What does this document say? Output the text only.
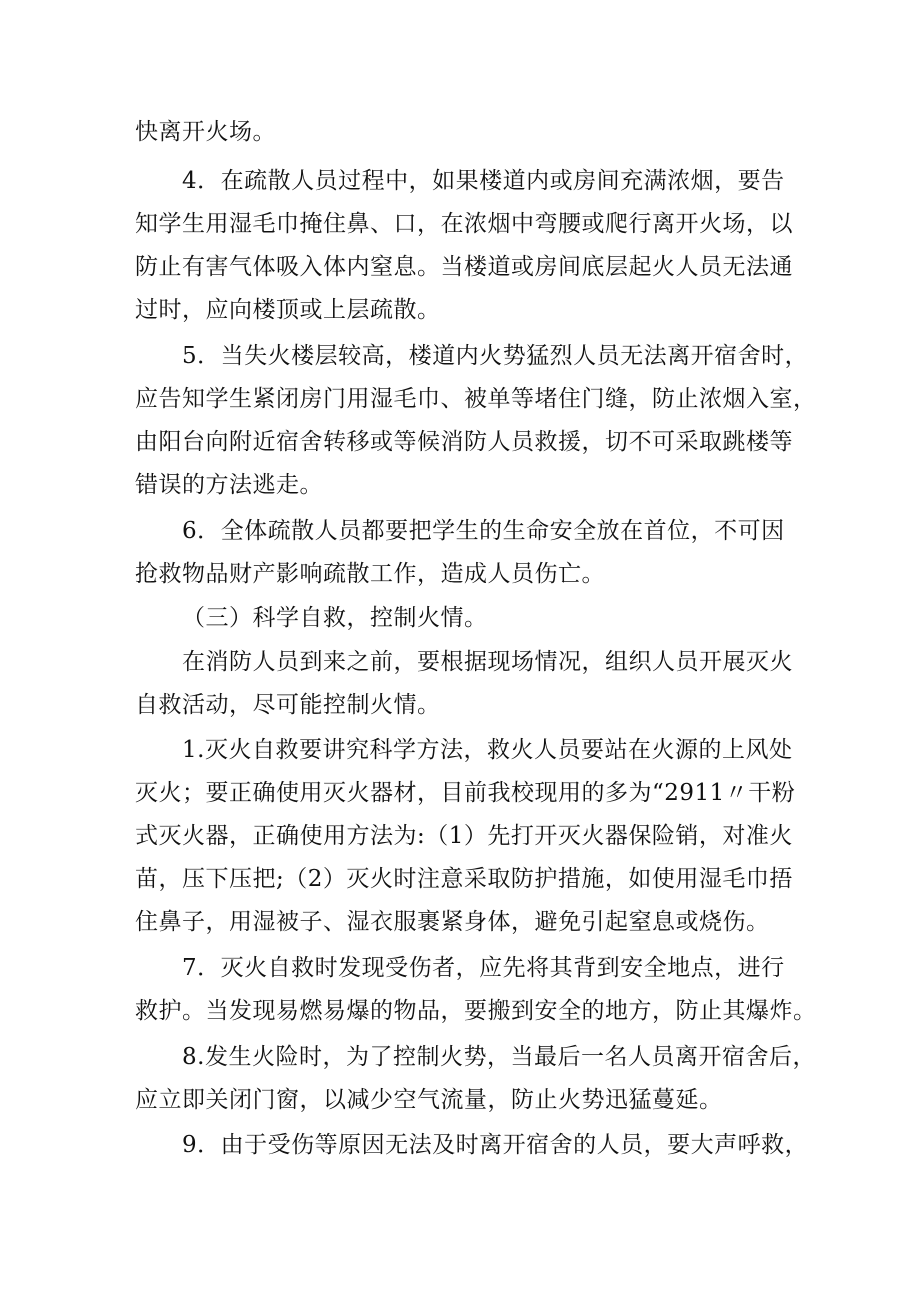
快离开火场。
4．在疏散人员过程中，如果楼道内或房间充满浓烟，要告
知学生用湿毛巾掩住鼻、口，在浓烟中弯腰或爬行离开火场，以
防止有害气体吸入体内窒息。当楼道或房间底层起火人员无法通
过时，应向楼顶或上层疏散。
5．当失火楼层较高，楼道内火势猛烈人员无法离开宿舍时，
应告知学生紧闭房门用湿毛巾、被单等堵住门缝，防止浓烟入室，
由阳台向附近宿舍转移或等候消防人员救援，切不可采取跳楼等
错误的方法逃走。
6．全体疏散人员都要把学生的生命安全放在首位，不可因
抢救物品财产影响疏散工作，造成人员伤亡。
（三）科学自救，控制火情。
在消防人员到来之前，要根据现场情况，组织人员开展灭火
自救活动，尽可能控制火情。
1.灭火自救要讲究科学方法，救火人员要站在火源的上风处
灭火；要正确使用灭火器材，目前我校现用的多为“2911〃干粉
式灭火器，正确使用方法为:（1）先打开灭火器保险销，对准火
苗，压下压把;（2）灭火时注意采取防护措施，如使用湿毛巾捂
住鼻子，用湿被子、湿衣服裹紧身体，避免引起窒息或烧伤。
7．灭火自救时发现受伤者，应先将其背到安全地点，进行
救护。当发现易燃易爆的物品，要搬到安全的地方，防止其爆炸。
8.发生火险时，为了控制火势，当最后一名人员离开宿舍后，
应立即关闭门窗，以减少空气流量，防止火势迅猛蔓延。
9．由于受伤等原因无法及时离开宿舍的人员，要大声呼救，
